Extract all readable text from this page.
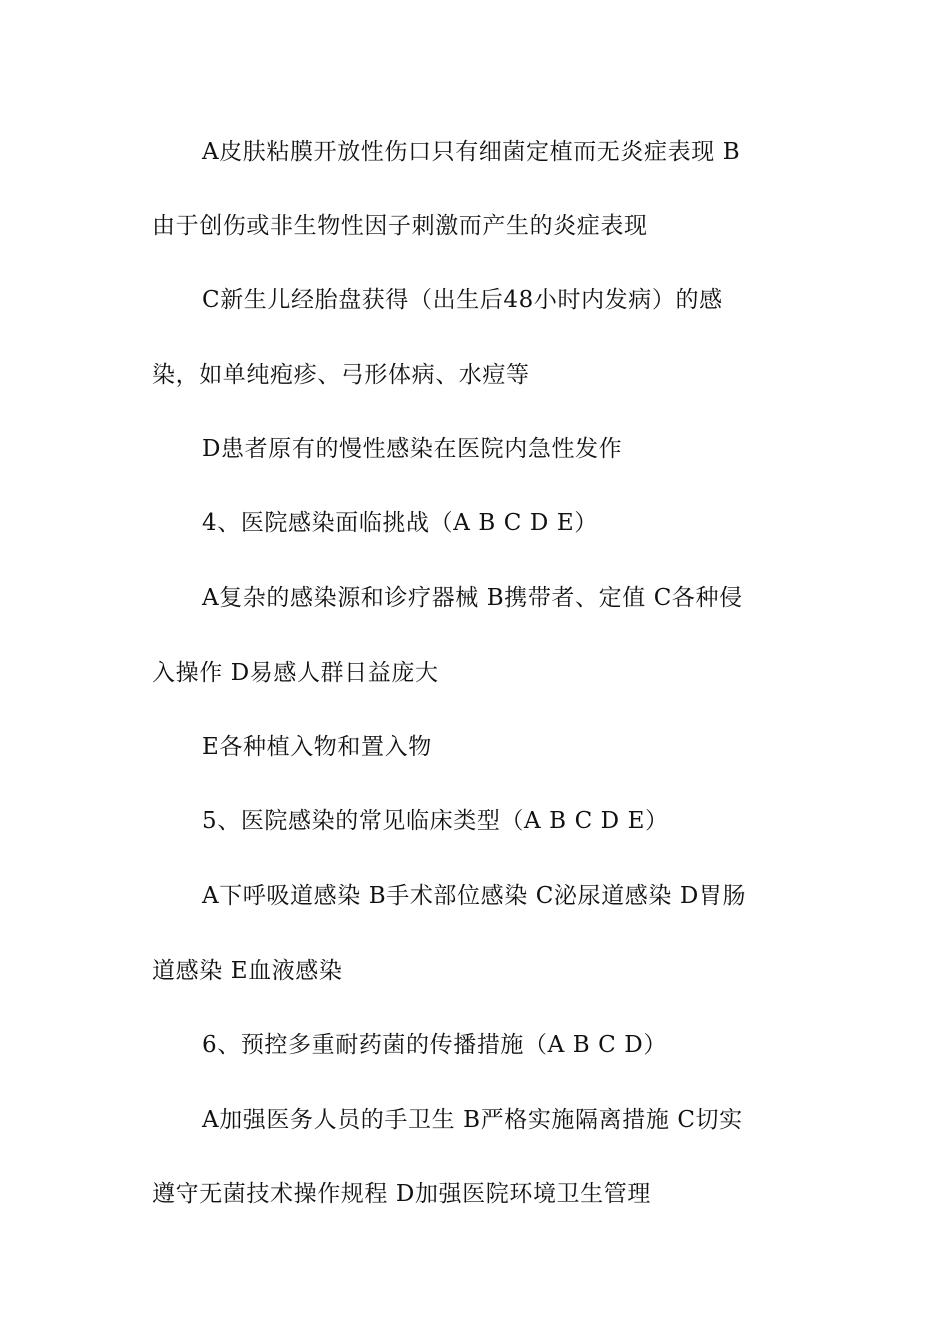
A皮肤粘膜开放性伤口只有细菌定植而无炎症表现 B
由于创伤或非生物性因子刺激而产生的炎症表现
C新生儿经胎盘获得（出生后48小时内发病）的感
染，如单纯疱疹、弓形体病、水痘等
D患者原有的慢性感染在医院内急性发作
4、医院感染面临挑战（A B C D E）
A复杂的感染源和诊疗器械 B携带者、定值 C各种侵
入操作 D易感人群日益庞大
E各种植入物和置入物
5、医院感染的常见临床类型（A B C D E）
A下呼吸道感染 B手术部位感染 C泌尿道感染 D胃肠
道感染 E血液感染
6、预控多重耐药菌的传播措施（A B C D）
A加强医务人员的手卫生 B严格实施隔离措施 C切实
遵守无菌技术操作规程 D加强医院环境卫生管理
